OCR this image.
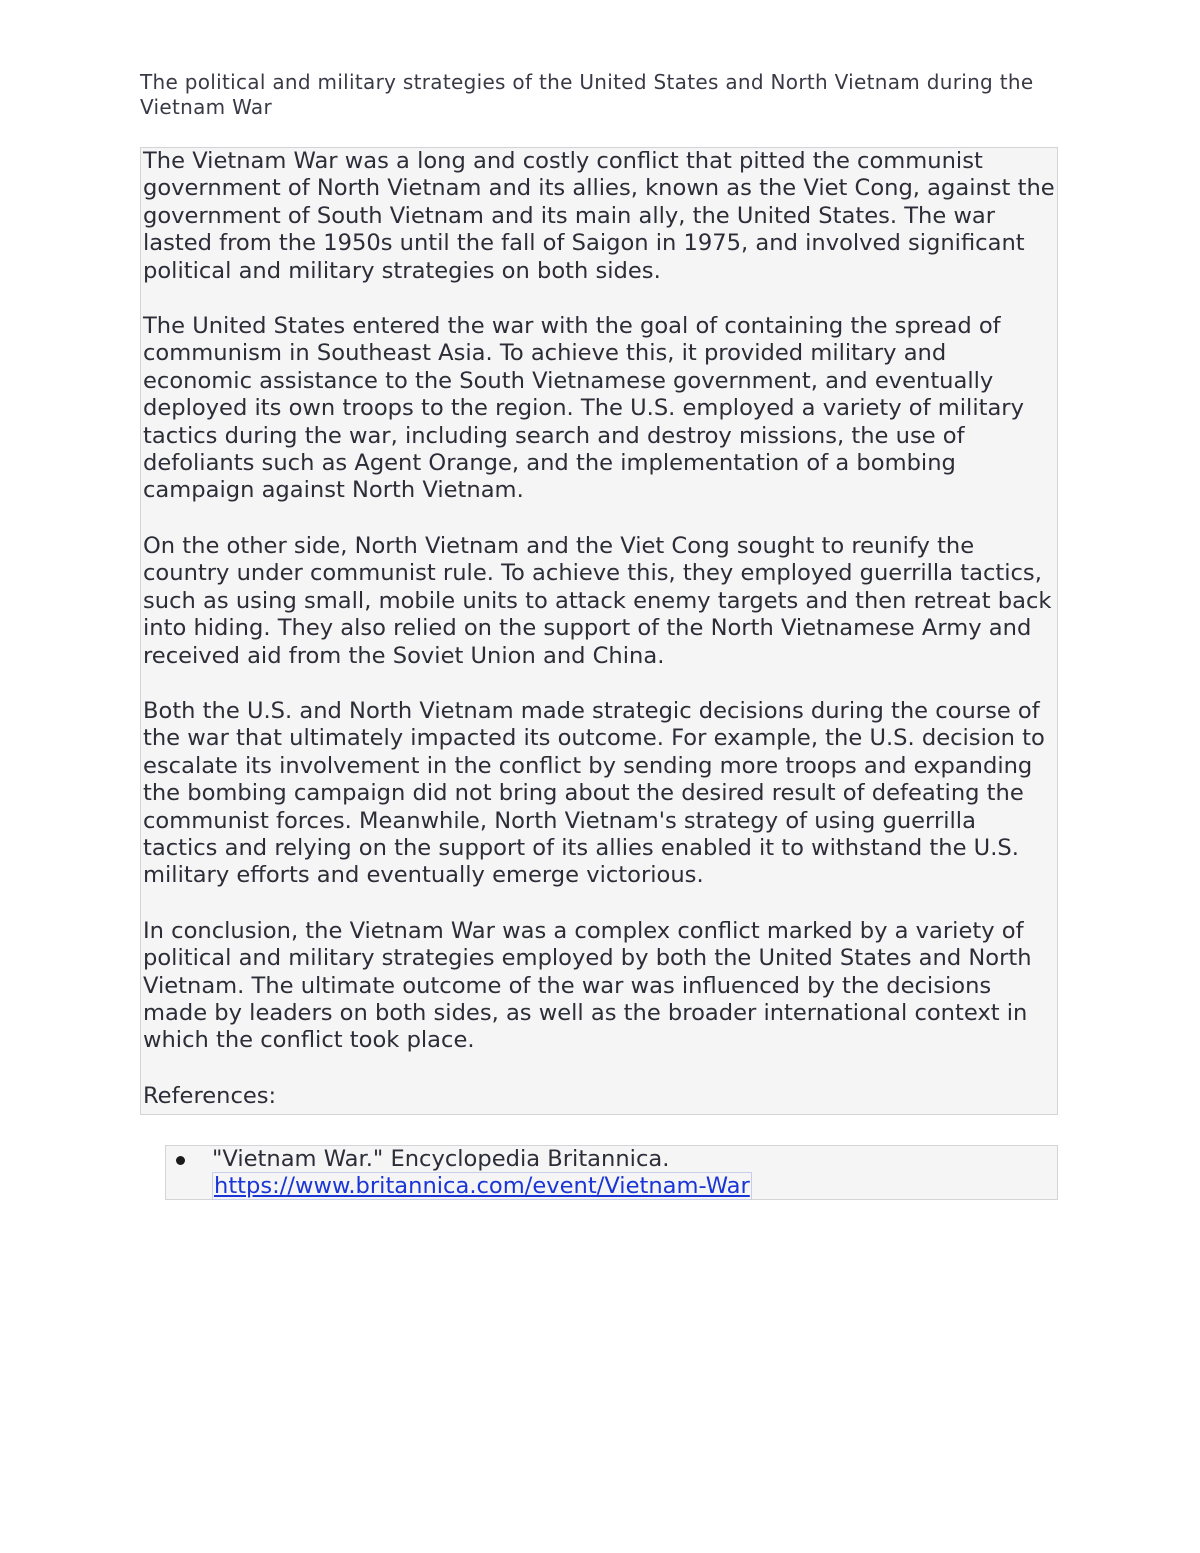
The political and military strategies of the United States and North Vietnam during the Vietnam War

The Vietnam War was a long and costly conflict that pitted the communist government of North Vietnam and its allies, known as the Viet Cong, against the government of South Vietnam and its main ally, the United States. The war lasted from the 1950s until the fall of Saigon in 1975, and involved significant political and military strategies on both sides.

The United States entered the war with the goal of containing the spread of communism in Southeast Asia. To achieve this, it provided military and economic assistance to the South Vietnamese government, and eventually deployed its own troops to the region. The U.S. employed a variety of military tactics during the war, including search and destroy missions, the use of defoliants such as Agent Orange, and the implementation of a bombing campaign against North Vietnam.

On the other side, North Vietnam and the Viet Cong sought to reunify the country under communist rule. To achieve this, they employed guerrilla tactics, such as using small, mobile units to attack enemy targets and then retreat back into hiding. They also relied on the support of the North Vietnamese Army and received aid from the Soviet Union and China.

Both the U.S. and North Vietnam made strategic decisions during the course of the war that ultimately impacted its outcome. For example, the U.S. decision to escalate its involvement in the conflict by sending more troops and expanding the bombing campaign did not bring about the desired result of defeating the communist forces. Meanwhile, North Vietnam's strategy of using guerrilla tactics and relying on the support of its allies enabled it to withstand the U.S. military efforts and eventually emerge victorious.

In conclusion, the Vietnam War was a complex conflict marked by a variety of political and military strategies employed by both the United States and North Vietnam. The ultimate outcome of the war was influenced by the decisions made by leaders on both sides, as well as the broader international context in which the conflict took place.

References:

"Vietnam War." Encyclopedia Britannica.
https://www.britannica.com/event/Vietnam-War
